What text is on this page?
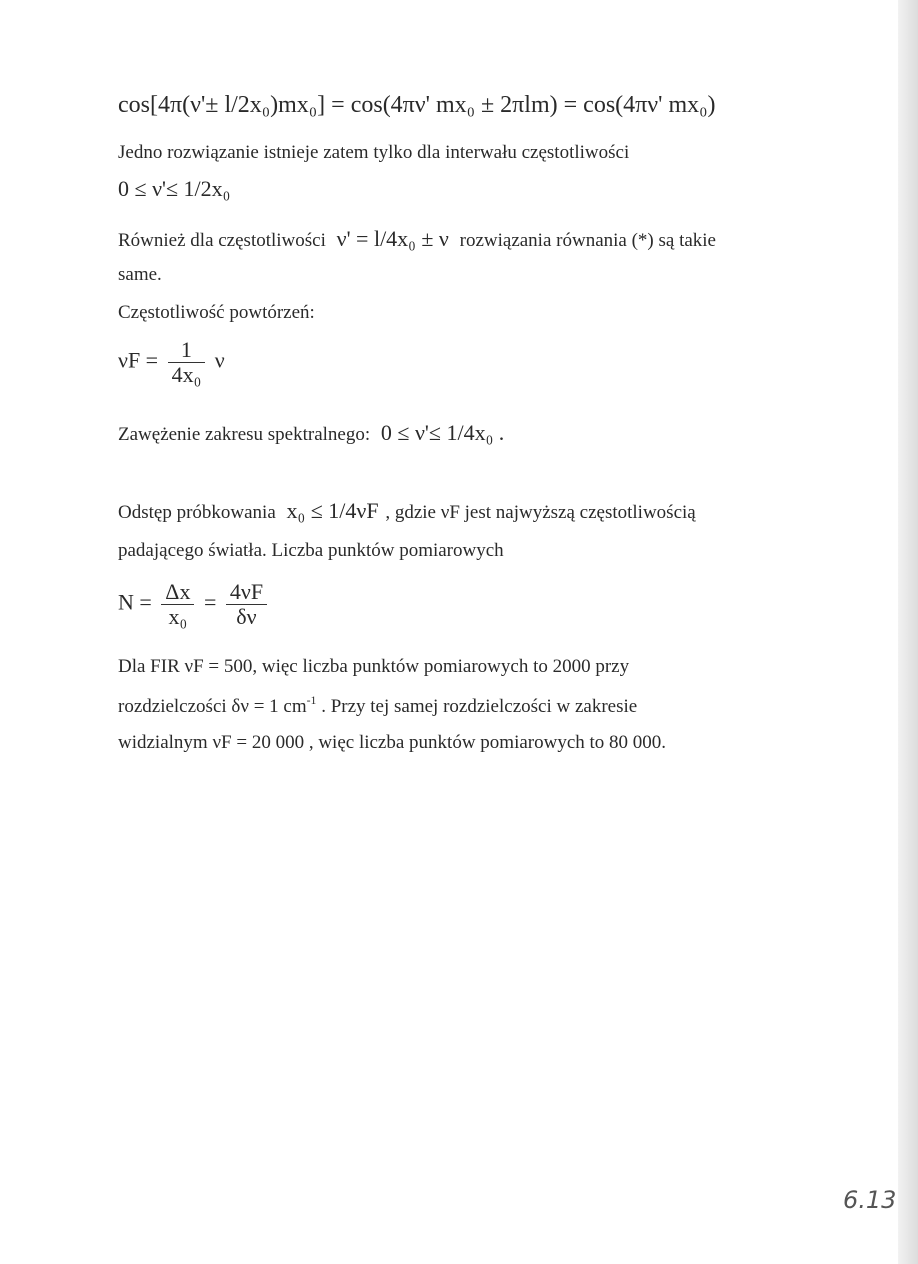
cos[4π(ν'± l/2x₀)mx₀] = cos(4πν' mx₀ ± 2πlm) = cos(4πν' mx₀)
Jedno rozwiązanie istnieje zatem tylko dla interwału częstotliwości
0 ≤ ν'≤ 1/2x₀
Również dla częstotliwości ν' = l/4x₀ ± ν rozwiązania równania (*) są takie
same.
Częstotliwość powtórzeń:
$\nu F = \frac{1}{\text{4x₀}}$ ν
Zawężenie zakresu spektralnego: 0 ≤ ν'≤ 1/4x₀ .
Odstęp próbkowania x₀ ≤ 1/4νF , gdzie νF jest najwyższą częstotliwością
padającego światła. Liczba punktów pomiarowych
$N = \frac{\Delta x}{\text{x₀}} = \frac{4\nu F}{\delta\nu}$
Dla FIR νF = 500, więc liczba punktów pomiarowych to 2000 przy
rozdzielczości δν = 1 $cm^{-1}$ . Przy tej samej rozdzielczości w zakresie
widzialnym νF = 20 000 , więc liczba punktów pomiarowych to 80 000.
6.13
